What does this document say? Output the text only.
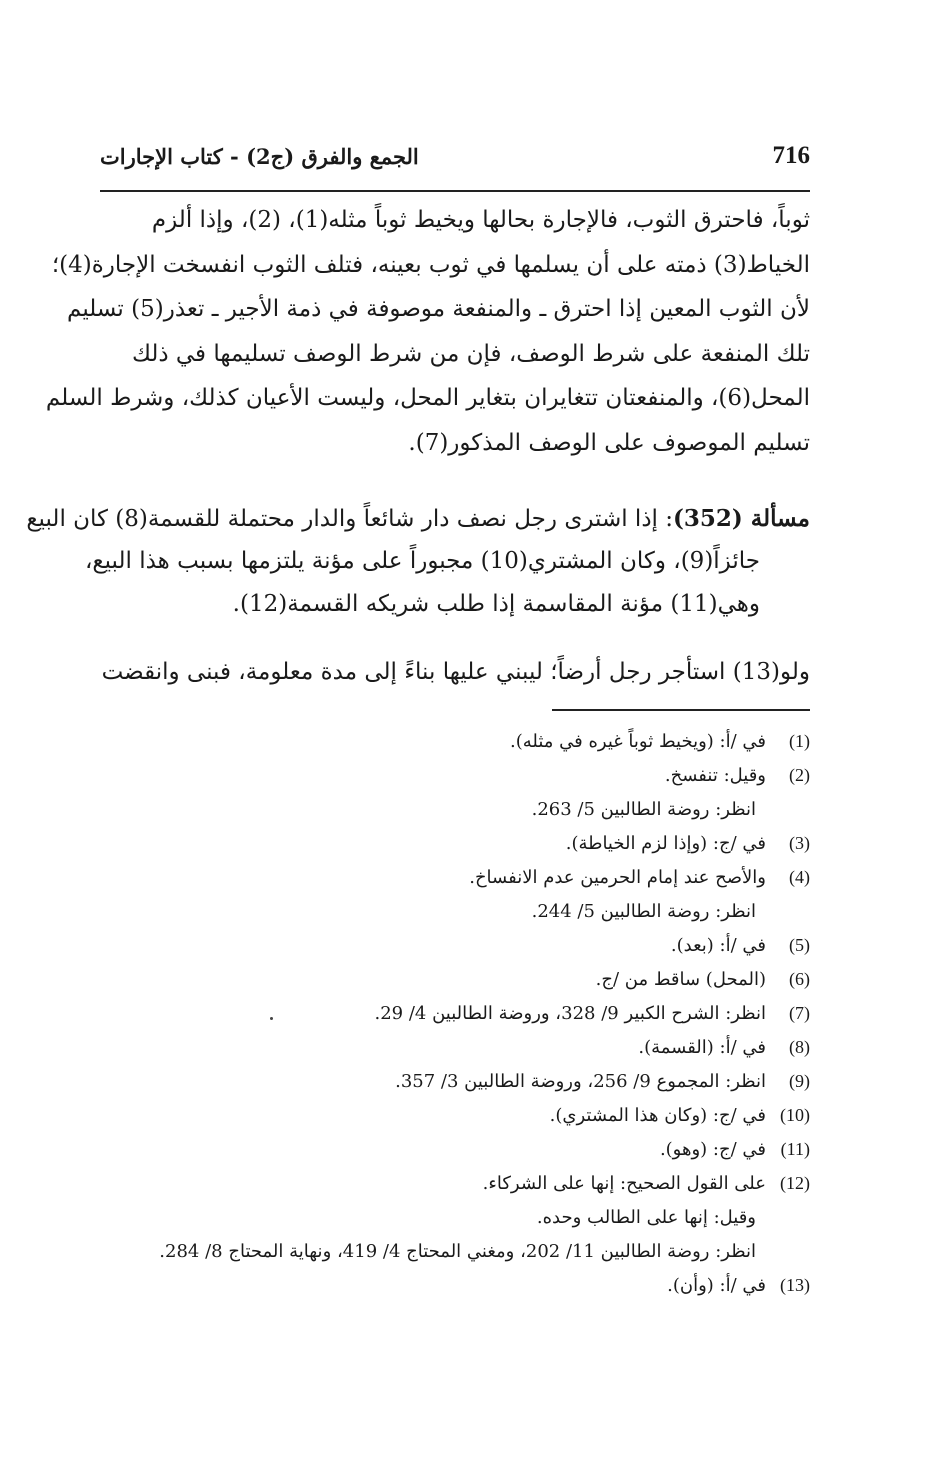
716
الجمع والفرق (ج2) - كتاب الإجارات
ثوباً، فاحترق الثوب، فالإجارة بحالها ويخيط ثوباً مثله(1)، (2)، وإذا ألزم
الخياط(3) ذمته على أن يسلمها في ثوب بعينه، فتلف الثوب انفسخت الإجارة(4)؛
لأن الثوب المعين إذا احترق ـ والمنفعة موصوفة في ذمة الأجير ـ تعذر(5) تسليم
تلك المنفعة على شرط الوصف، فإن من شرط الوصف تسليمها في ذلك
المحل(6)، والمنفعتان تتغايران بتغاير المحل، وليست الأعيان كذلك، وشرط السلم
تسليم الموصوف على الوصف المذكور(7).
مسألة (352): إذا اشترى رجل نصف دار شائعاً والدار محتملة للقسمة(8) كان البيع
جائزاً(9)، وكان المشتري(10) مجبوراً على مؤنة يلتزمها بسبب هذا البيع،
وهي(11) مؤنة المقاسمة إذا طلب شريكه القسمة(12).
ولو(13) استأجر رجل أرضاً؛ ليبني عليها بناءً إلى مدة معلومة، فبنى وانقضت
(1)
في /أ: (ويخيط ثوباً غيره في مثله).
(2)
وقيل: تنفسخ.
انظر: روضة الطالبين 5/ 263.
(3)
في /ج: (وإذا لزم الخياطة).
(4)
والأصح عند إمام الحرمين عدم الانفساخ.
انظر: روضة الطالبين 5/ 244.
(5)
في /أ: (بعد).
(6)
(المحل) ساقط من /ج.
(7)
انظر: الشرح الكبير 9/ 328، وروضة الطالبين 4/ 29.
(8)
في /أ: (القسمة).
(9)
انظر: المجموع 9/ 256، وروضة الطالبين 3/ 357.
(10)
في /ج: (وكان هذا المشتري).
(11)
في /ج: (وهو).
(12)
على القول الصحيح: إنها على الشركاء.
وقيل: إنها على الطالب وحده.
انظر: روضة الطالبين 11/ 202، ومغني المحتاج 4/ 419، ونهاية المحتاج 8/ 284.
(13)
في /أ: (وأن).
